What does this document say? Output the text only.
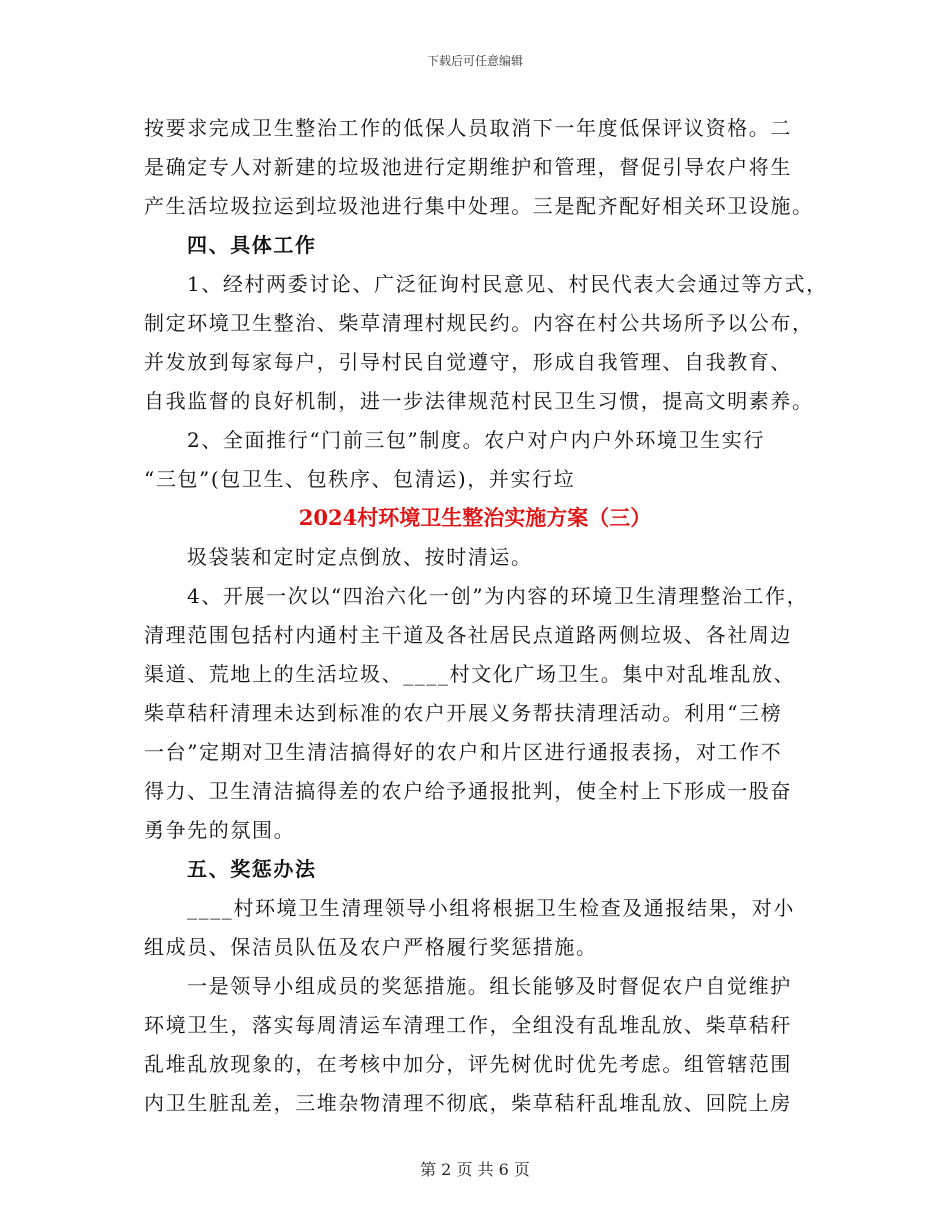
下载后可任意编辑
按要求完成卫生整治工作的低保人员取消下一年度低保评议资格。二
是确定专人对新建的垃圾池进行定期维护和管理，督促引导农户将生
产生活垃圾拉运到垃圾池进行集中处理。三是配齐配好相关环卫设施。
四、具体工作
1、经村两委讨论、广泛征询村民意见、村民代表大会通过等方式，
制定环境卫生整治、柴草清理村规民约。内容在村公共场所予以公布，
并发放到每家每户，引导村民自觉遵守，形成自我管理、自我教育、
自我监督的良好机制，进一步法律规范村民卫生习惯，提高文明素养。
2、全面推行“门前三包”制度。农户对户内户外环境卫生实行
“三包”(包卫生、包秩序、包清运)，并实行垃
2024村环境卫生整治实施方案（三）
圾袋装和定时定点倒放、按时清运。
4、开展一次以“四治六化一创”为内容的环境卫生清理整治工作，
清理范围包括村内通村主干道及各社居民点道路两侧垃圾、各社周边
渠道、荒地上的生活垃圾、____村文化广场卫生。集中对乱堆乱放、
柴草秸秆清理未达到标准的农户开展义务帮扶清理活动。利用“三榜
一台”定期对卫生清洁搞得好的农户和片区进行通报表扬，对工作不
得力、卫生清洁搞得差的农户给予通报批判，使全村上下形成一股奋
勇争先的氛围。
五、奖惩办法
____村环境卫生清理领导小组将根据卫生检查及通报结果，对小
组成员、保洁员队伍及农户严格履行奖惩措施。
一是领导小组成员的奖惩措施。组长能够及时督促农户自觉维护
环境卫生，落实每周清运车清理工作，全组没有乱堆乱放、柴草秸秆
乱堆乱放现象的，在考核中加分，评先树优时优先考虑。组管辖范围
内卫生脏乱差，三堆杂物清理不彻底，柴草秸秆乱堆乱放、回院上房
第 2 页 共 6 页
